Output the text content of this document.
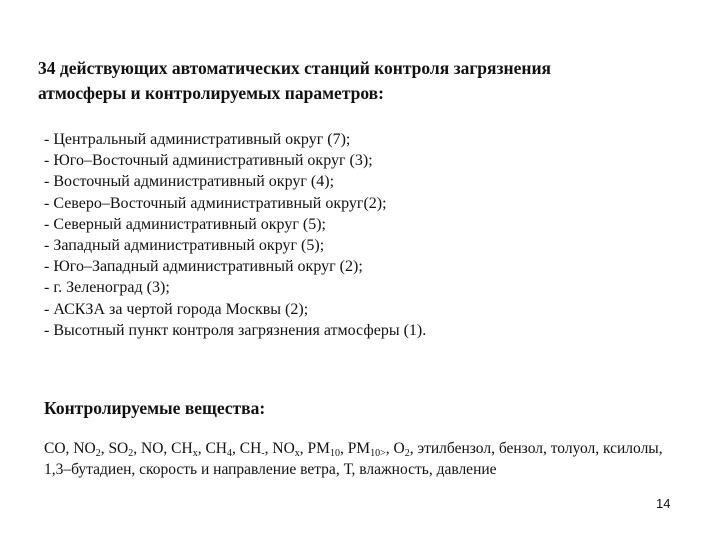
34 действующих автоматических станций контроля загрязнения
атмосферы и контролируемых параметров:
- Центральный административный округ (7);
- Юго–Восточный административный округ (3);
- Восточный административный округ (4);
- Северо–Восточный административный округ(2);
- Северный административный округ (5);
- Западный административный округ (5);
- Юго–Западный административный округ (2);
- г. Зеленоград (3);
- АСКЗА за чертой города Москвы (2);
- Высотный пункт контроля загрязнения атмосферы (1).

Контролируемые вещества:

CO, $NO_2$, $SO_2$, NO, $CH_x$, $CH_4$, $CH_-$, $NO_x$, $PM_{10}$, $PM_{10>}$, $O_2$, этилбензол, бензол, толуол, ксилолы, 1,3–бутадиен, скорость и направление ветра, Т, влажность, давление

14
